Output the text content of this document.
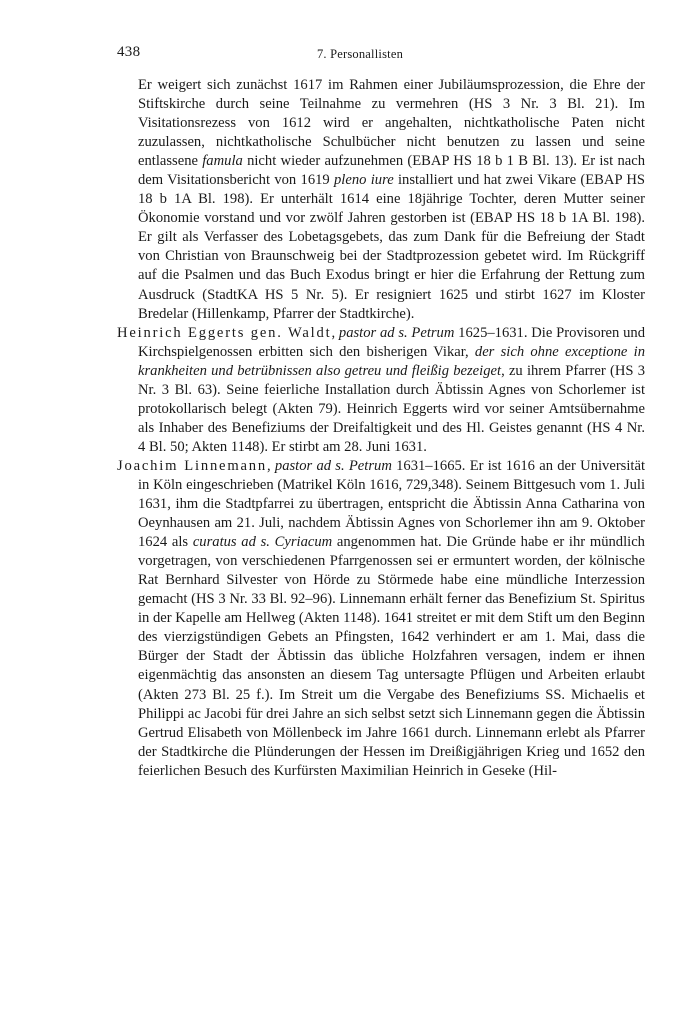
438	7. Personallisten

Er weigert sich zunächst 1617 im Rahmen einer Jubiläumsprozession, die Ehre der Stiftskirche durch seine Teilnahme zu vermehren (HS 3 Nr. 3 Bl. 21). Im Visitationsrezess von 1612 wird er angehalten, nichtkatholische Paten nicht zuzulassen, nichtkatholische Schulbücher nicht benutzen zu lassen und seine entlassene famula nicht wieder aufzunehmen (EBAP HS 18 b 1 B Bl. 13). Er ist nach dem Visitationsbericht von 1619 pleno iure installiert und hat zwei Vikare (EBAP HS 18 b 1A Bl. 198). Er unterhält 1614 eine 18jährige Tochter, deren Mutter seiner Ökonomie vorstand und vor zwölf Jahren gestorben ist (EBAP HS 18 b 1A Bl. 198). Er gilt als Verfasser des Lobetagsgebets, das zum Dank für die Befreiung der Stadt von Christian von Braunschweig bei der Stadtprozession gebetet wird. Im Rückgriff auf die Psalmen und das Buch Exodus bringt er hier die Erfahrung der Rettung zum Ausdruck (StadtKA HS 5 Nr. 5). Er resigniert 1625 und stirbt 1627 im Kloster Bredelar (Hillenkamp, Pfarrer der Stadtkirche).

Heinrich Eggerts gen. Waldt, pastor ad s. Petrum 1625–1631. Die Provisoren und Kirchspielgenossen erbitten sich den bisherigen Vikar, der sich ohne exceptione in krankheiten und betrübnissen also getreu und fleißig bezeiget, zu ihrem Pfarrer (HS 3 Nr. 3 Bl. 63). Seine feierliche Installation durch Äbtissin Agnes von Schorlemer ist protokollarisch belegt (Akten 79). Heinrich Eggerts wird vor seiner Amtsübernahme als Inhaber des Benefiziums der Dreifaltigkeit und des Hl. Geistes genannt (HS 4 Nr. 4 Bl. 50; Akten 1148). Er stirbt am 28. Juni 1631.

Joachim Linnemann, pastor ad s. Petrum 1631–1665. Er ist 1616 an der Universität in Köln eingeschrieben (Matrikel Köln 1616, 729,348). Seinem Bittgesuch vom 1. Juli 1631, ihm die Stadtpfarrei zu übertragen, entspricht die Äbtissin Anna Catharina von Oeynhausen am 21. Juli, nachdem Äbtissin Agnes von Schorlemer ihn am 9. Oktober 1624 als curatus ad s. Cyriacum angenommen hat. Die Gründe habe er ihr mündlich vorgetragen, von verschiedenen Pfarrgenossen sei er ermuntert worden, der kölnische Rat Bernhard Silvester von Hörde zu Störmede habe eine mündliche Interzession gemacht (HS 3 Nr. 33 Bl. 92–96). Linnemann erhält ferner das Benefizium St. Spiritus in der Kapelle am Hellweg (Akten 1148). 1641 streitet er mit dem Stift um den Beginn des vierzigstündigen Gebets an Pfingsten, 1642 verhindert er am 1. Mai, dass die Bürger der Stadt der Äbtissin das übliche Holzfahren versagen, indem er ihnen eigenmächtig das ansonsten an diesem Tag untersagte Pflügen und Arbeiten erlaubt (Akten 273 Bl. 25 f.). Im Streit um die Vergabe des Benefiziums SS. Michaelis et Philippi ac Jacobi für drei Jahre an sich selbst setzt sich Linnemann gegen die Äbtissin Gertrud Elisabeth von Möllenbeck im Jahre 1661 durch. Linnemann erlebt als Pfarrer der Stadtkirche die Plünderungen der Hessen im Dreißigjährigen Krieg und 1652 den feierlichen Besuch des Kurfürsten Maximilian Heinrich in Geseke (Hil-
